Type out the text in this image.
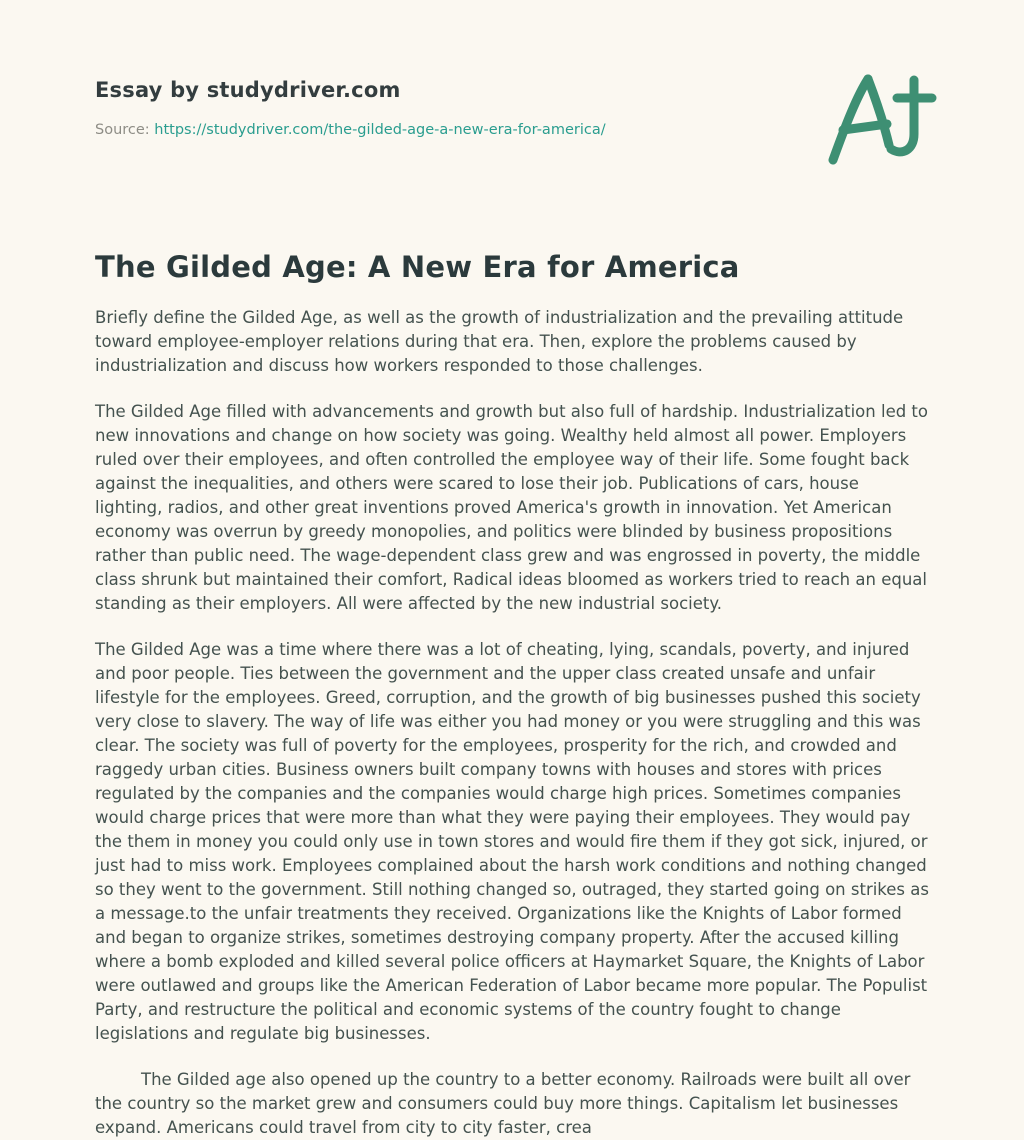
Essay by studydriver.com
Source: https://studydriver.com/the-gilded-age-a-new-era-for-america/
The Gilded Age: A New Era for America

Briefly define the Gilded Age, as well as the growth of industrialization and the prevailing attitude toward employee-employer relations during that era. Then, explore the problems caused by industrialization and discuss how workers responded to those challenges.

The Gilded Age filled with advancements and growth but also full of hardship. Industrialization led to new innovations and change on how society was going. Wealthy held almost all power. Employers ruled over their employees, and often controlled the employee way of their life. Some fought back against the inequalities, and others were scared to lose their job. Publications of cars, house lighting, radios, and other great inventions proved America's growth in innovation. Yet American economy was overrun by greedy monopolies, and politics were blinded by business propositions rather than public need. The wage-dependent class grew and was engrossed in poverty, the middle class shrunk but maintained their comfort, Radical ideas bloomed as workers tried to reach an equal standing as their employers. All were affected by the new industrial society.

The Gilded Age was a time where there was a lot of cheating, lying, scandals, poverty, and injured and poor people. Ties between the government and the upper class created unsafe and unfair lifestyle for the employees. Greed, corruption, and the growth of big businesses pushed this society very close to slavery. The way of life was either you had money or you were struggling and this was clear. The society was full of poverty for the employees, prosperity for the rich, and crowded and raggedy urban cities. Business owners built company towns with houses and stores with prices regulated by the companies and the companies would charge high prices. Sometimes companies would charge prices that were more than what they were paying their employees. They would pay the them in money you could only use in town stores and would fire them if they got sick, injured, or just had to miss work. Employees complained about the harsh work conditions and nothing changed so they went to the government. Still nothing changed so, outraged, they started going on strikes as a message.to the unfair treatments they received. Organizations like the Knights of Labor formed and began to organize strikes, sometimes destroying company property. After the accused killing where a bomb exploded and killed several police officers at Haymarket Square, the Knights of Labor were outlawed and groups like the American Federation of Labor became more popular. The Populist Party, and restructure the political and economic systems of the country fought to change legislations and regulate big businesses.

The Gilded age also opened up the country to a better economy. Railroads were built all over the country so the market grew and consumers could buy more things. Capitalism let businesses expand. Americans could travel from city to city faster, crea
